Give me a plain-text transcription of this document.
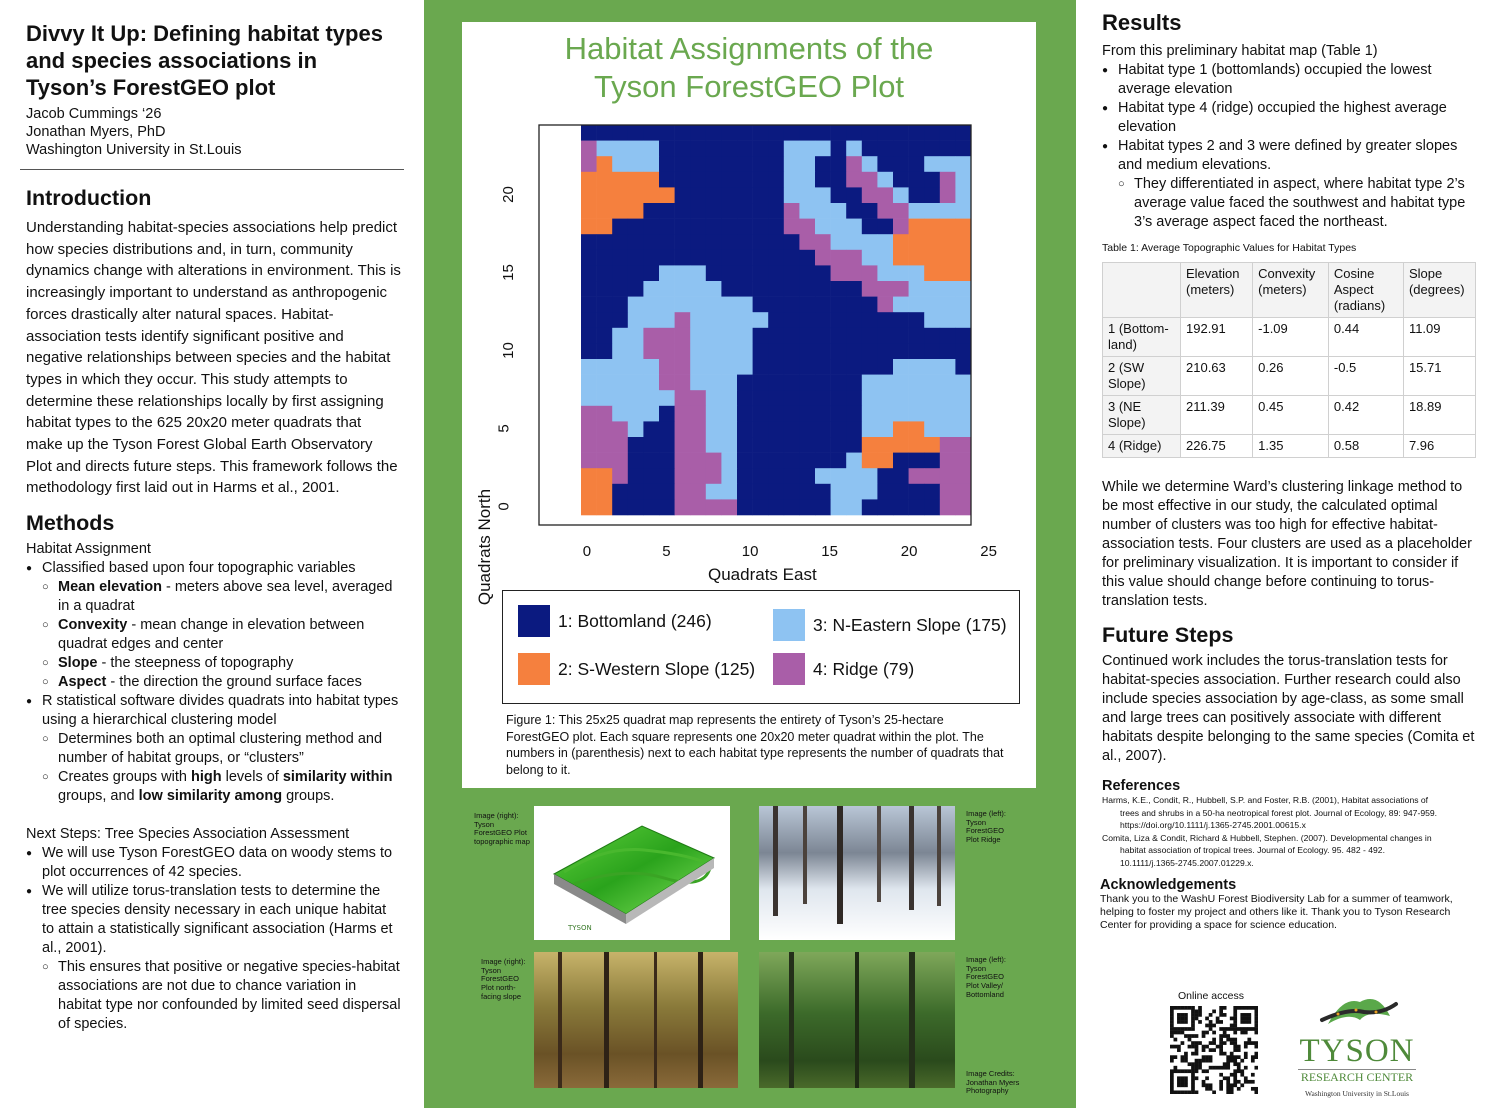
Divvy It Up: Defining habitat types and species associations in Tyson’s ForestGEO plot
Jacob Cummings ‘26
Jonathan Myers, PhD
Washington University in St.Louis
Introduction
Understanding habitat-species associations help predict how species distributions and, in turn, community dynamics change with alterations in environment. This is increasingly important to understand as anthropogenic forces drastically alter natural spaces. Habitat-association tests identify significant positive and negative relationships between species and the habitat types in which they occur. This study attempts to determine these relationships locally by first assigning habitat types to the 625 20x20 meter quadrats that make up the Tyson Forest Global Earth Observatory Plot and directs future steps. This framework follows the methodology first laid out in Harms et al., 2001.
Methods
Habitat Assignment
● Classified based upon four topographic variables
○ Mean elevation - meters above sea level, averaged in a quadrat
○ Convexity - mean change in elevation between quadrat edges and center
○ Slope - the steepness of topography
○ Aspect - the direction the ground surface faces
● R statistical software divides quadrats into habitat types using a hierarchical clustering model
○ Determines both an optimal clustering method and number of habitat groups, or “clusters”
○ Creates groups with high levels of similarity within groups, and low similarity among groups.
Next Steps: Tree Species Association Assessment
● We will use Tyson ForestGEO data on woody stems to plot occurrences of 42 species.
● We will utilize torus-translation tests to determine the tree species density necessary in each unique habitat to attain a statistically significant association (Harms et al., 2001).
○ This ensures that positive or negative species-habitat associations are not due to chance variation in habitat type nor confounded by limited seed dispersal of species.
Habitat Assignments of the
Tyson ForestGEO Plot
Quadrats East
Quadrats North
1: Bottomland (246)	3: N-Eastern Slope (175)
2: S-Western Slope (125)	4: Ridge (79)
Figure 1: This 25x25 quadrat map represents the entirety of Tyson’s 25-hectare ForestGEO plot. Each square represents one 20x20 meter quadrat within the plot. The numbers in (parenthesis) next to each habitat type represents the number of quadrats that belong to it.
0	5	10	15	20	25
0
5
10
15
20
Image (right): Tyson ForestGEO Plot topographic map
TYSON
Image (left): Tyson ForestGEO Plot Ridge
Image (right): Tyson ForestGEO Plot north-facing slope
Image (left): Tyson ForestGEO Plot Valley/ Bottomland
Image Credits: Jonathan Myers Photography
Results
From this preliminary habitat map (Table 1)
● Habitat type 1 (bottomlands) occupied the lowest average elevation
● Habitat type 4 (ridge) occupied the highest average elevation
● Habitat types 2 and 3 were defined by greater slopes and medium elevations.
○ They differentiated in aspect, where habitat type 2’s average value faced the southwest and habitat type 3’s average aspect faced the northeast.
Table 1: Average Topographic Values for Habitat Types
	Elevation (meters)	Convexity (meters)	Cosine Aspect (radians)	Slope (degrees)
1 (Bottom-land)	192.91	-1.09	0.44	11.09
2 (SW Slope)	210.63	0.26	-0.5	15.71
3 (NE Slope)	211.39	0.45	0.42	18.89
4 (Ridge)	226.75	1.35	0.58	7.96
While we determine Ward’s clustering linkage method to be most effective in our study, the calculated optimal number of clusters was too high for effective habitat-association tests. Four clusters are used as a placeholder for preliminary visualization. It is important to consider if this value should change before continuing to torus-translation tests.
Future Steps
Continued work includes the torus-translation tests for habitat-species association. Further research could also include species association by age-class, as some small and large trees can positively associate with different habitats despite belonging to the same species (Comita et al., 2007).
References
Harms, K.E., Condit, R., Hubbell, S.P. and Foster, R.B. (2001), Habitat associations of
trees and shrubs in a 50-ha neotropical forest plot. Journal of Ecology, 89: 947-959.
https://doi.org/10.1111/j.1365-2745.2001.00615.x
Comita, Liza & Condit, Richard & Hubbell, Stephen. (2007). Developmental changes in
habitat association of tropical trees. Journal of Ecology. 95. 482 - 492.
10.1111/j.1365-2745.2007.01229.x.
Acknowledgements
Thank you to the WashU Forest Biodiversity Lab for a summer of teamwork, helping to foster my project and others like it. Thank you to Tyson Research Center for providing a space for science education.
Online access
TYSON
RESEARCH CENTER
Washington University in St.Louis
